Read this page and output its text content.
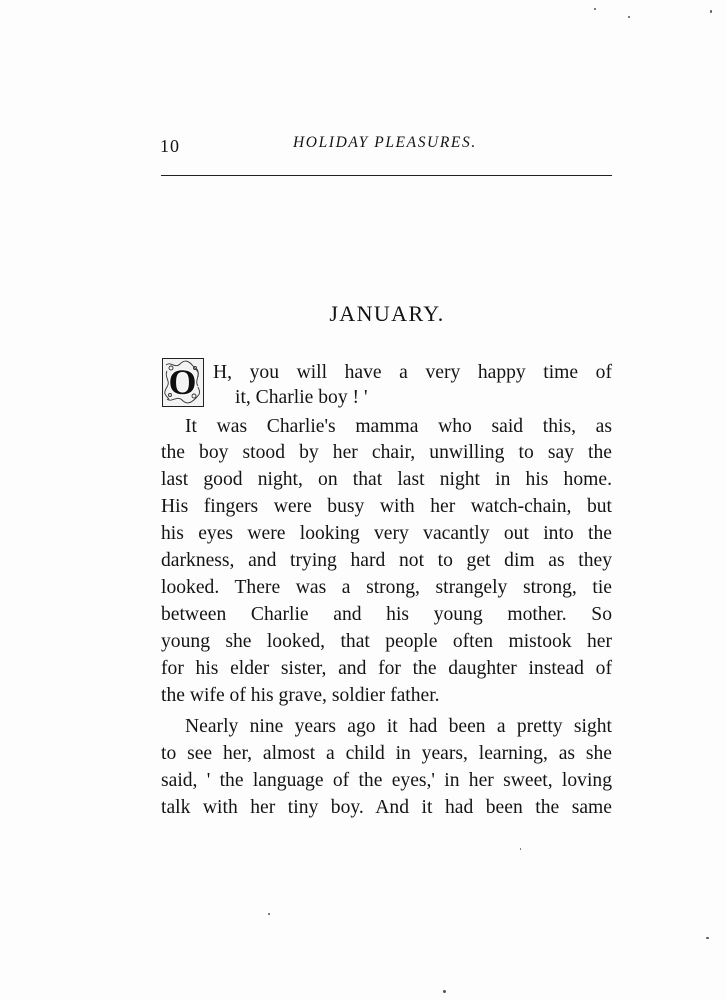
10	HOLIDAY PLEASURES.
JANUARY.
O H, you will have a very happy time of
it, Charlie boy ! '
It was Charlie's mamma who said this, as
the boy stood by her chair, unwilling to say the
last good night, on that last night in his home.
His fingers were busy with her watch-chain, but
his eyes were looking very vacantly out into the
darkness, and trying hard not to get dim as they
looked. There was a strong, strangely strong, tie
between Charlie and his young mother. So
young she looked, that people often mistook her
for his elder sister, and for the daughter instead of
the wife of his grave, soldier father.
Nearly nine years ago it had been a pretty sight
to see her, almost a child in years, learning, as she
said, ' the language of the eyes,' in her sweet, loving
talk with her tiny boy. And it had been the same
